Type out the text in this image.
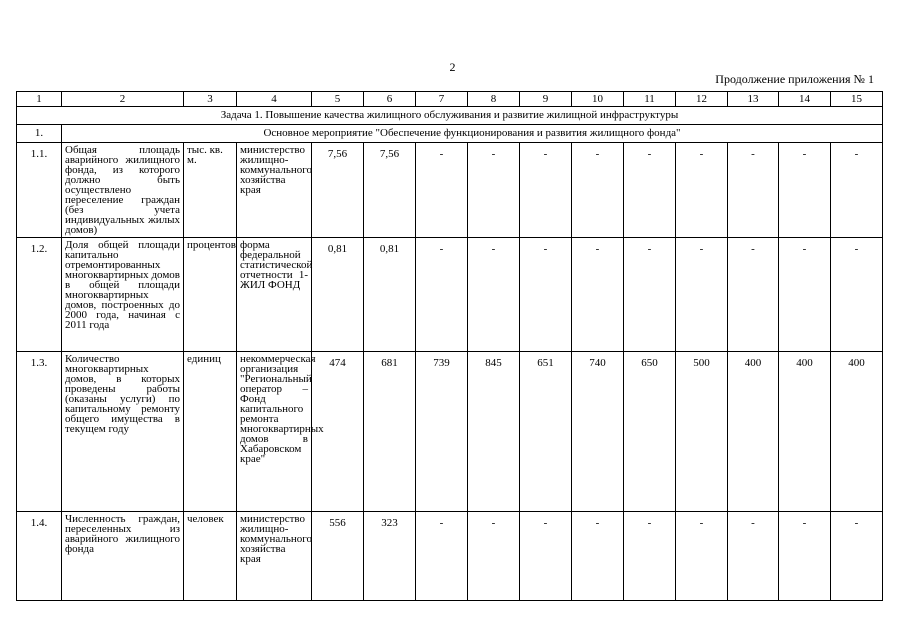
2
Продолжение приложения № 1
1	2	3	4	5	6	7	8	9	10	11	12	13	14	15
Задача 1. Повышение качества жилищного обслуживания и развитие жилищной инфраструктуры														
1.	Основное мероприятие "Обеспечение функционирования и развития жилищного фонда"													
1.1.	Общая площадь аварийного жилищного фонда, из которого должно быть осуществлено переселение граждан (без учета индивидуальных жилых домов)	тыс. кв. м.	министерство жилищно-коммунального хозяйства края	7,56	7,56	-	-	-	-	-	-	-	-	-
1.2.	Доля общей площади капитально отремонтированных многоквартирных домов в общей площади многоквартирных домов, построенных до 2000 года, начиная с 2011 года	процентов	форма федеральной статистической отчетности 1-ЖИЛ ФОНД	0,81	0,81	-	-	-	-	-	-	-	-	-
1.3.	Количество многоквартирных домов, в которых проведены работы (оказаны услуги) по капитальному ремонту общего имущества в текущем году	единиц	некоммерческая организация "Региональный оператор – Фонд капитального ремонта многоквартирных домов в Хабаровском крае"	474	681	739	845	651	740	650	500	400	400	400
1.4.	Численность граждан, переселенных из аварийного жилищного фонда	человек	министерство жилищно-коммунального хозяйства края	556	323	-	-	-	-	-	-	-	-	-
